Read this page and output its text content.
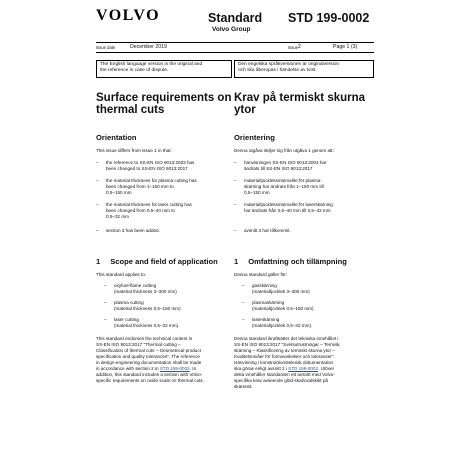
VOLVO	Standard
Volvo Group
STD 199-0002
Issue date	December 2019	Issue 2	Page 1 (3)
The English language version is the original and
the reference in case of dispute.
Den engelska språkversionen är originalversion
och ska åberopas i händelse av tvist.
Surface requirements on
thermal cuts
Krav på termiskt skurna
ytor
Orientation
This issue differs from issue 1 in that:
– the reference to SS-EN ISO 9013:2003 has
been changed to SS-EN ISO 9013:2017
– the material thickness for plasma cutting has
been changed from 1–150 mm to
0,5–150 mm
– the material thickness for laser cutting has
been changed from 0,5–40 mm to
0,5–32 mm
– section 3 has been added.
Orientering
Denna utgåva skiljer sig från utgåva 1 genom att:
– hänvisningen SS-EN ISO 9013:2003 har
ändrats till SS-EN ISO 9013:2017
– materialtjockleksintervallet för plasma-
skärning har ändrats från 1–150 mm till
0,5–150 mm
– materialtjockleksintervallet för laserskärning
har ändrats från 0,5–40 mm till 0,5–32 mm
– avsnitt 3 har tillkommit.
1 Scope and field of application
This standard applies to:
– oxyfuel-flame cutting
(material thickness 3–300 mm)
– plasma cutting
(material thickness 0,5–150 mm)
– laser cutting
(material thickness 0,5–32 mm).
This standard endorses the technical content in
SS-EN ISO 9013:2017 "Thermal cutting –
Classification of thermal cuts – Geometrical product
specification and quality tolerances". The reference
in design-engineering documentation shall be made
in accordance with section 2 in STD 199-0002. In
addition, this standard includes a section with Volvo-
specific requirements on oxide scale on thermal cuts.
1 Omfattning och tillämpning
Denna standard gäller för:
– gasskärning
(materialtjocklek 3–300 mm)
– plasmaskärning
(materialtjocklek 0,5–150 mm)
– laserskärning
(materialtjocklek 0,5–32 mm).
Denna standard ikraftsätter det tekniska innehållet i
SS-EN ISO 9013:2017 "Svetsutrustningar – Termisk
skärning – Klassificering av termiskt skurna ytor –
Kvalitetsnivåer för formavvikelser och toleranser".
Hänvisning i konstruktionsteknisk dokumentation
ska göras enligt avsnitt 2 i STD 199-0002. Utöver
detta innehåller standarden ett avsnitt med Volvo-
specifika krav avseende glöd-skal/oxidskikt på
skärsnitt.
